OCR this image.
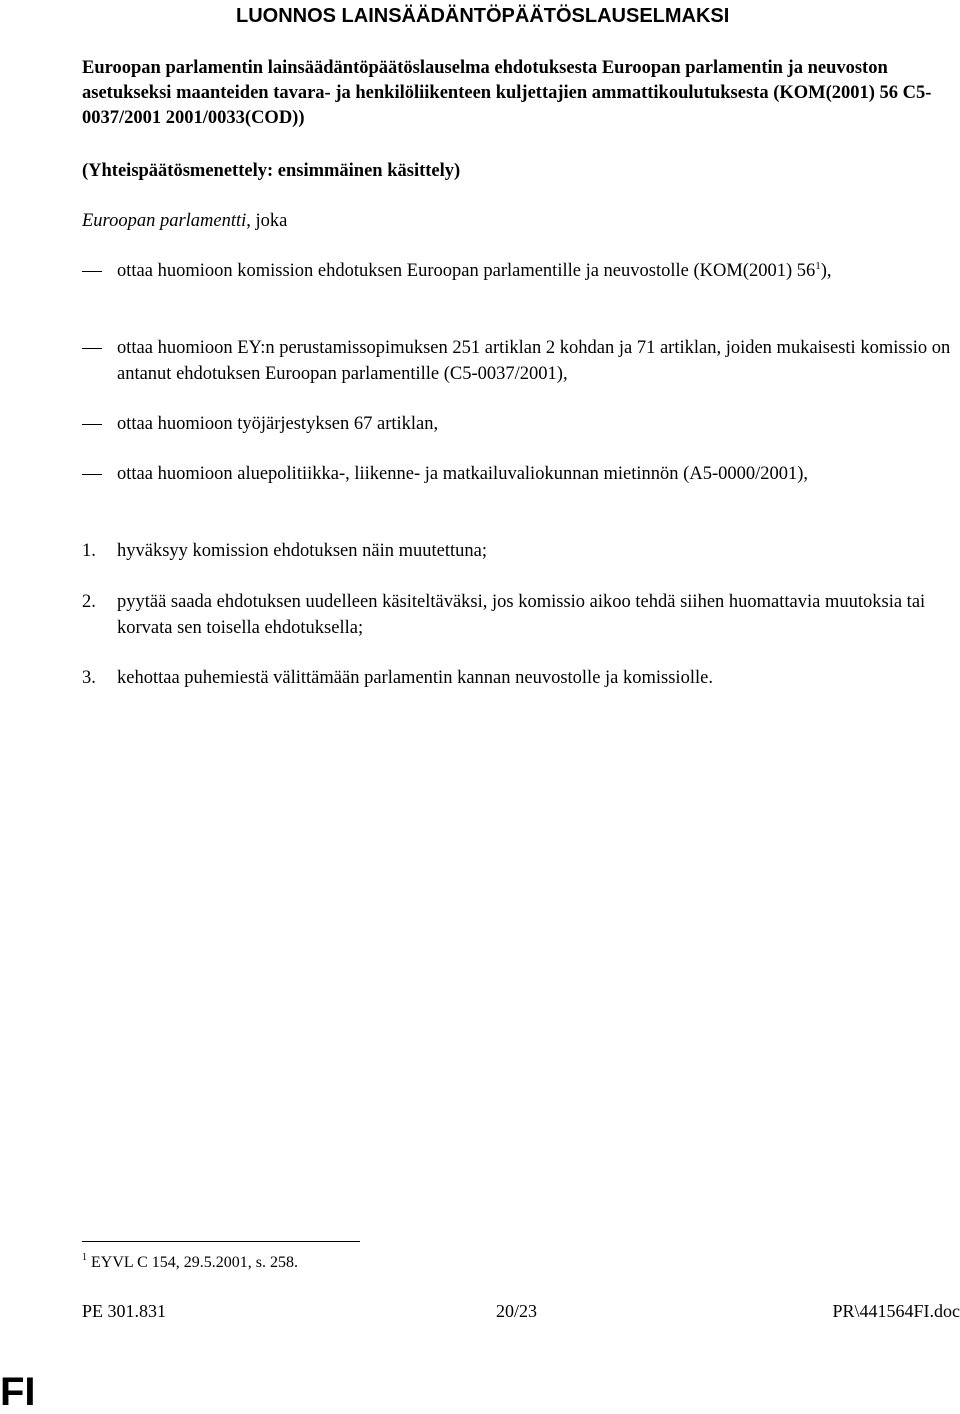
LUONNOS LAINSÄÄDÄNTÖPÄÄTÖSLAUSELMAKSI
Euroopan parlamentin lainsäädäntöpäätöslauselma ehdotuksesta Euroopan parlamentin ja neuvoston asetukseksi maanteiden tavara- ja henkilöliikenteen kuljettajien ammattikoulutuksesta (KOM(2001) 56 C5-0037/2001 2001/0033(COD))
(Yhteispäätösmenettely: ensimmäinen käsittely)
Euroopan parlamentti, joka
ottaa huomioon komission ehdotuksen Euroopan parlamentille ja neuvostolle (KOM(2001) $56^1$),
ottaa huomioon EY:n perustamissopimuksen 251 artiklan 2 kohdan ja 71 artiklan, joiden mukaisesti komissio on antanut ehdotuksen Euroopan parlamentille (C5-0037/2001),
ottaa huomioon työjärjestyksen 67 artiklan,
ottaa huomioon aluepolitiikka-, liikenne- ja matkailuvaliokunnan mietinnön (A5-0000/2001),
1.	hyväksyy komission ehdotuksen näin muutettuna;
2.	pyytää saada ehdotuksen uudelleen käsiteltäväksi, jos komissio aikoo tehdä siihen huomattavia muutoksia tai korvata sen toisella ehdotuksella;
3.	kehottaa puhemiestä välittämään parlamentin kannan neuvostolle ja komissiolle.
$^1$ EYVL C 154, 29.5.2001, s. 258.
PE 301.831	20/23	PR\441564FI.doc
FI
